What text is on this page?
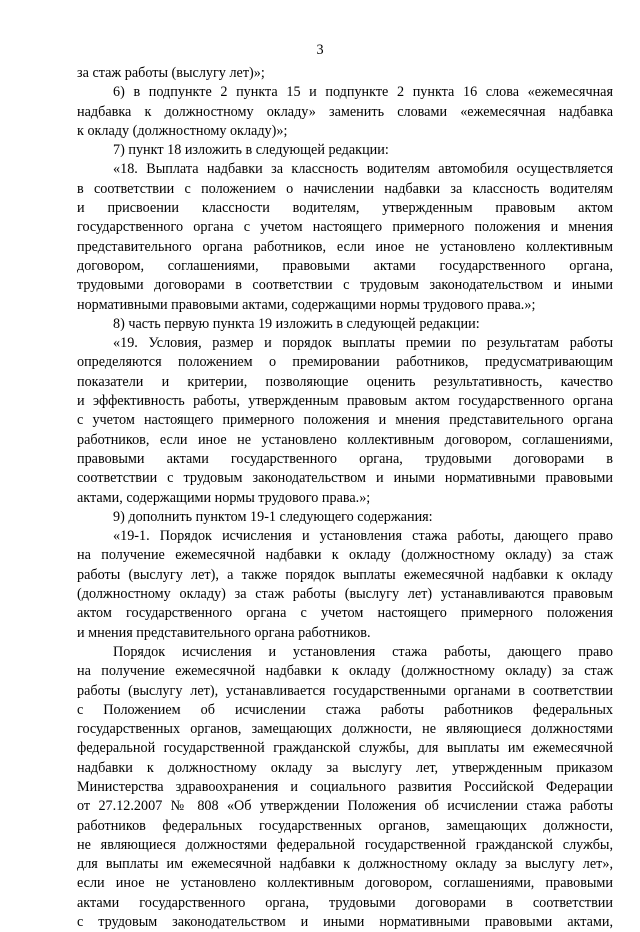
3
за стаж работы (выслугу лет)»;
6) в подпункте 2 пункта 15 и подпункте 2 пункта 16 слова «ежемесячная
надбавка к должностному окладу» заменить словами «ежемесячная надбавка
к окладу (должностному окладу)»;
7) пункт 18 изложить в следующей редакции:
«18. Выплата надбавки за классность водителям автомобиля осуществляется
в соответствии с положением о начислении надбавки за классность водителям
и присвоении классности водителям, утвержденным правовым актом
государственного органа с учетом настоящего примерного положения и мнения
представительного органа работников, если иное не установлено коллективным
договором, соглашениями, правовыми актами государственного органа,
трудовыми договорами в соответствии с трудовым законодательством и иными
нормативными правовыми актами, содержащими нормы трудового права.»;
8) часть первую пункта 19 изложить в следующей редакции:
«19. Условия, размер и порядок выплаты премии по результатам работы
определяются положением о премировании работников, предусматривающим
показатели и критерии, позволяющие оценить результативность, качество
и эффективность работы, утвержденным правовым актом государственного органа
с учетом настоящего примерного положения и мнения представительного органа
работников, если иное не установлено коллективным договором, соглашениями,
правовыми актами государственного органа, трудовыми договорами в
соответствии с трудовым законодательством и иными нормативными правовыми
актами, содержащими нормы трудового права.»;
9) дополнить пунктом 19-1 следующего содержания:
«19-1. Порядок исчисления и установления стажа работы, дающего право
на получение ежемесячной надбавки к окладу (должностному окладу) за стаж
работы (выслугу лет), а также порядок выплаты ежемесячной надбавки к окладу
(должностному окладу) за стаж работы (выслугу лет) устанавливаются правовым
актом государственного органа с учетом настоящего примерного положения
и мнения представительного органа работников.
Порядок исчисления и установления стажа работы, дающего право
на получение ежемесячной надбавки к окладу (должностному окладу) за стаж
работы (выслугу лет), устанавливается государственными органами в соответствии
с Положением об исчислении стажа работы работников федеральных
государственных органов, замещающих должности, не являющиеся должностями
федеральной государственной гражданской службы, для выплаты им ежемесячной
надбавки к должностному окладу за выслугу лет, утвержденным приказом
Министерства здравоохранения и социального развития Российской Федерации
от 27.12.2007 № 808 «Об утверждении Положения об исчислении стажа работы
работников федеральных государственных органов, замещающих должности,
не являющиеся должностями федеральной государственной гражданской службы,
для выплаты им ежемесячной надбавки к должностному окладу за выслугу лет»,
если иное не установлено коллективным договором, соглашениями, правовыми
актами государственного органа, трудовыми договорами в соответствии
с трудовым законодательством и иными нормативными правовыми актами,
